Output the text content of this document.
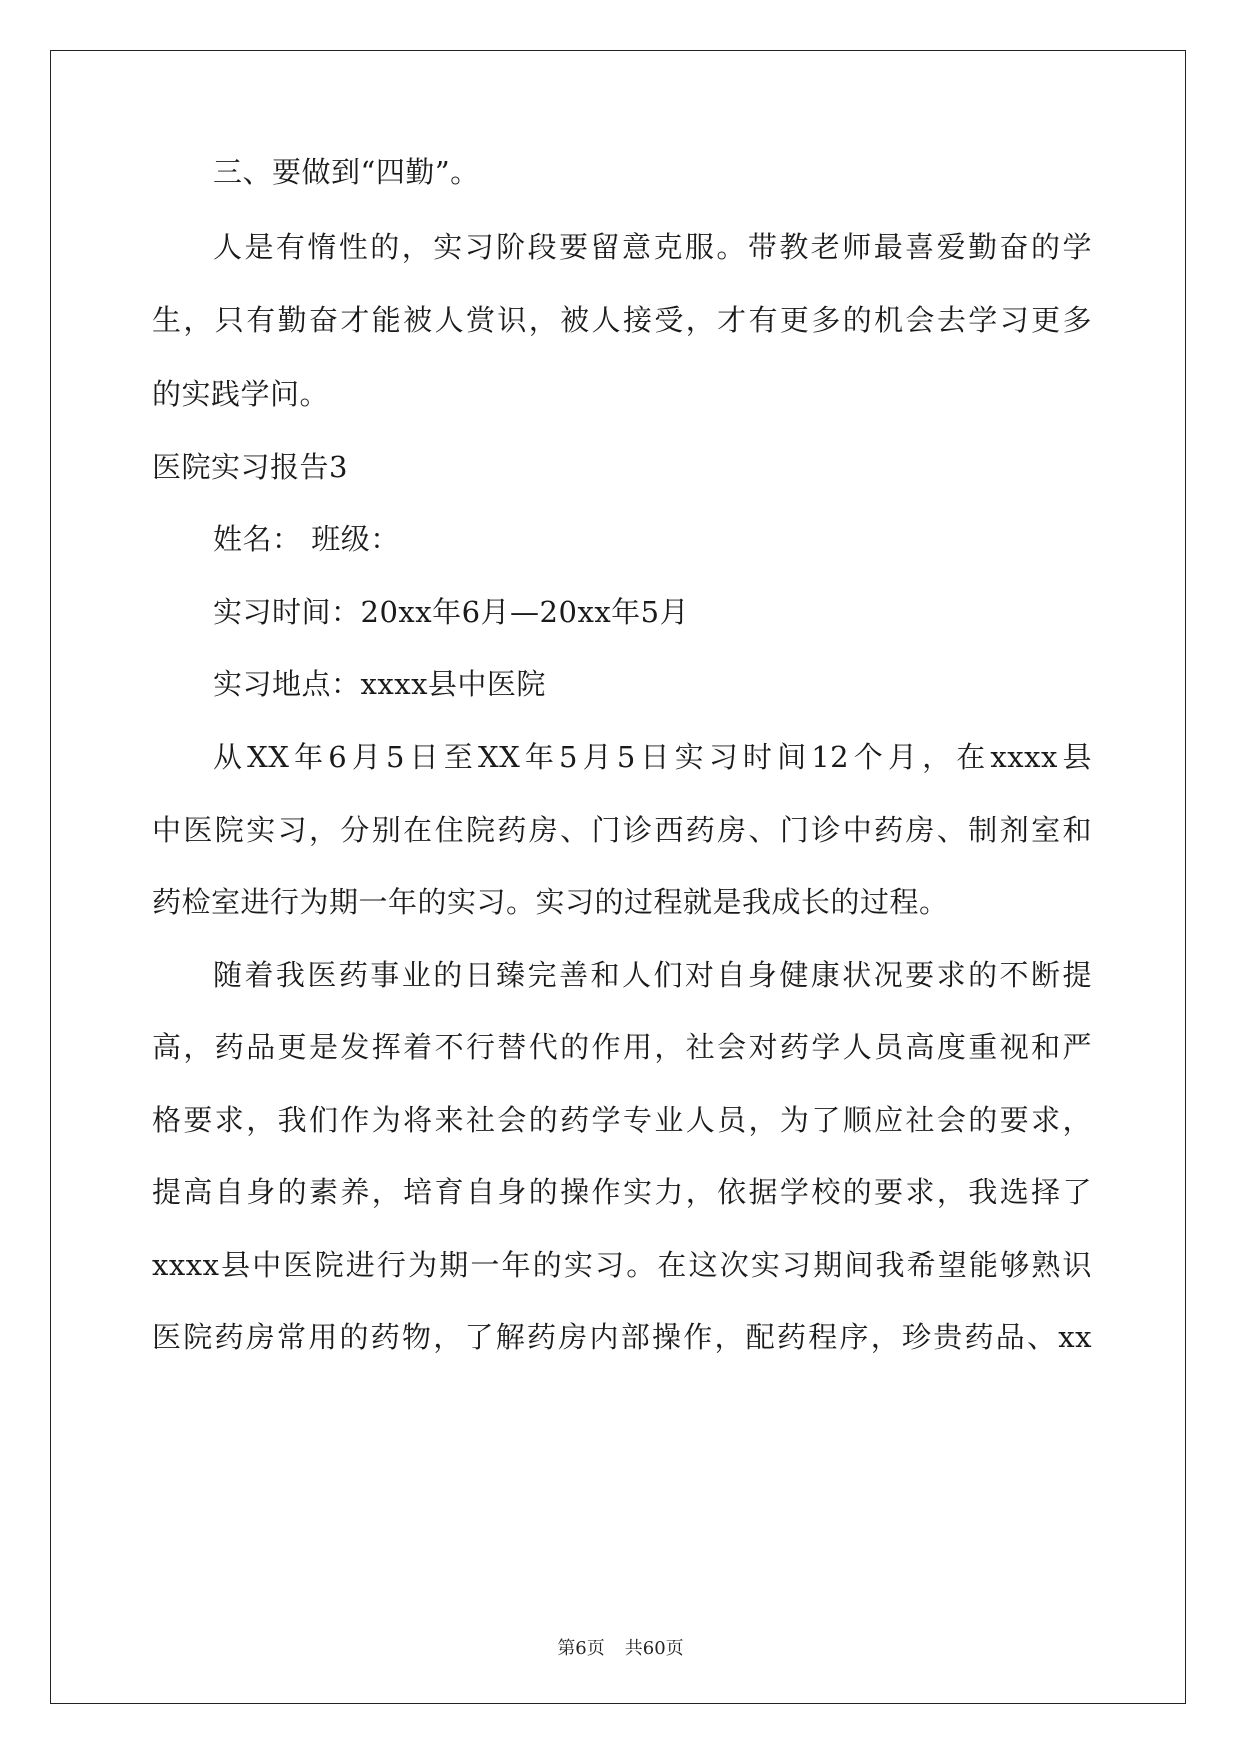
三、要做到“四勤”。
人是有惰性的，实习阶段要留意克服。带教老师最喜爱勤奋的学
生，只有勤奋才能被人赏识，被人接受，才有更多的机会去学习更多
的实践学问。
医院实习报告3
姓名： 班级：
实习时间：20xx年6月—20xx年5月
实习地点：xxxx县中医院
从XX年6月5日至XX年5月5日实习时间12个月，在xxxx县
中医院实习，分别在住院药房、门诊西药房、门诊中药房、制剂室和
药检室进行为期一年的实习。实习的过程就是我成长的过程。
随着我医药事业的日臻完善和人们对自身健康状况要求的不断提
高，药品更是发挥着不行替代的作用，社会对药学人员高度重视和严
格要求，我们作为将来社会的药学专业人员，为了顺应社会的要求，
提高自身的素养，培育自身的操作实力，依据学校的要求，我选择了
xxxx县中医院进行为期一年的实习。在这次实习期间我希望能够熟识
医院药房常用的药物，了解药房内部操作，配药程序，珍贵药品、xx
第6页 共60页
